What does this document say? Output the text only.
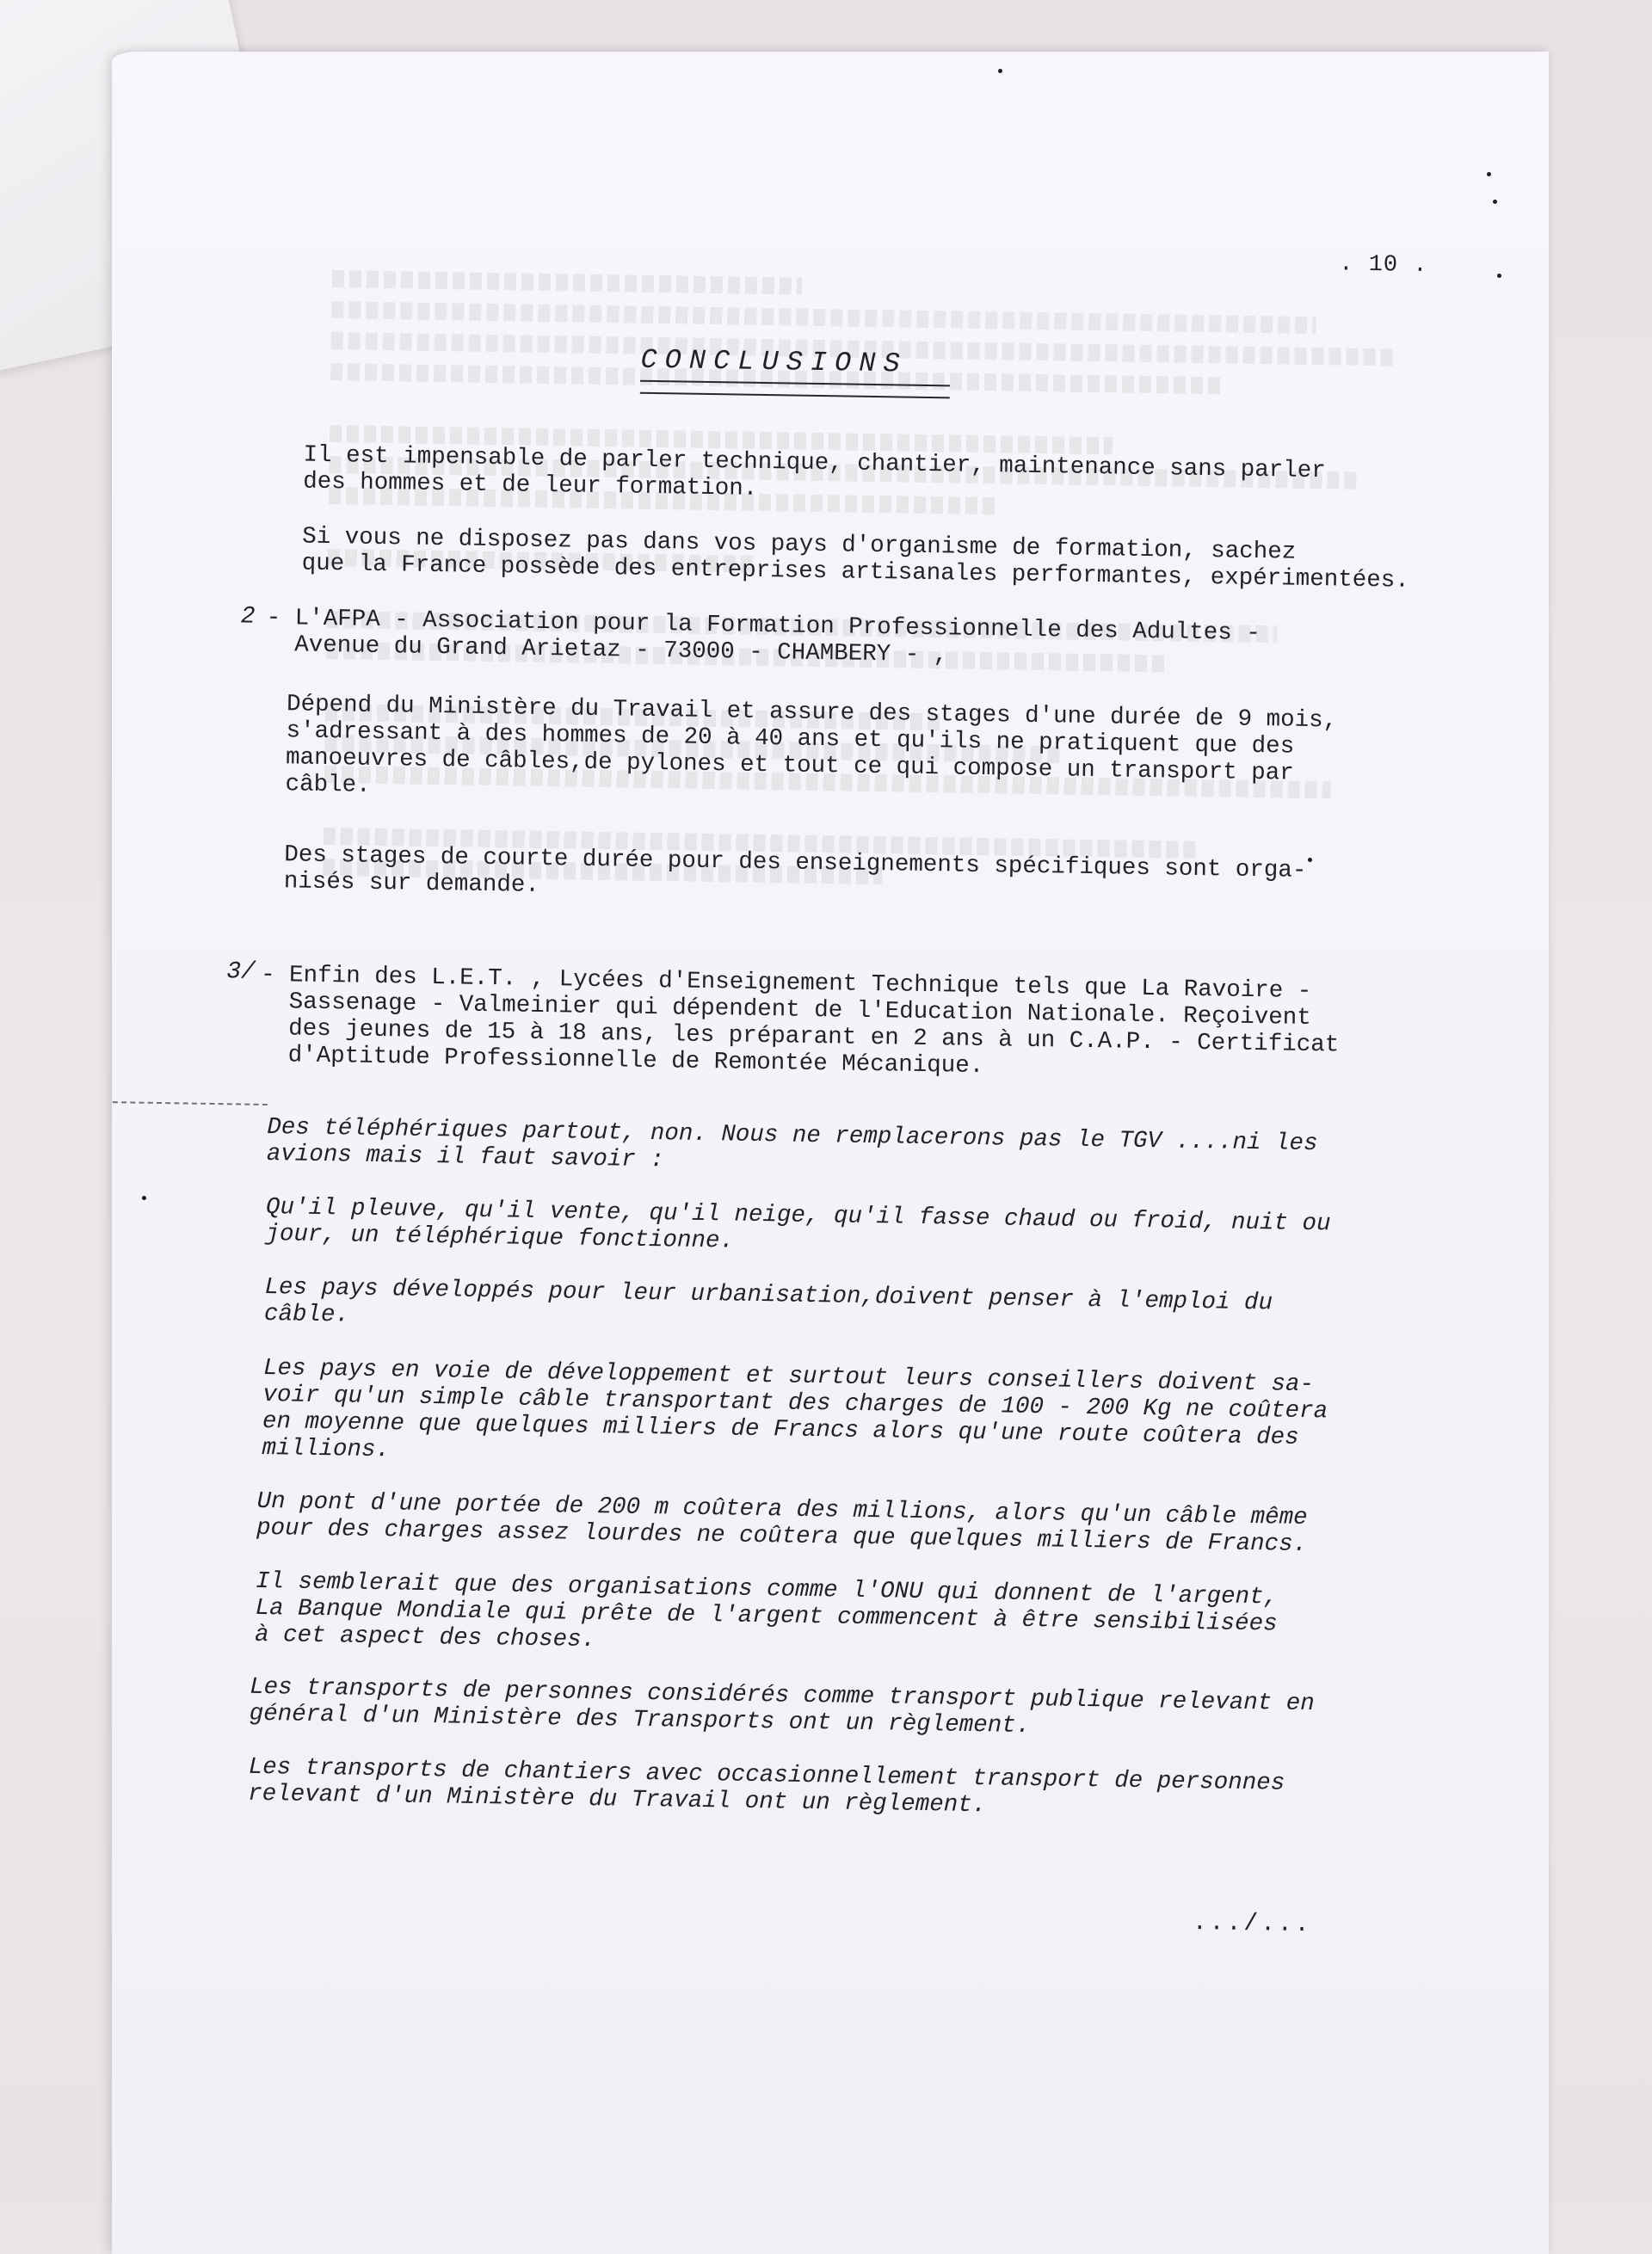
. 10 .
CONCLUSIONS
Il est impensable de parler technique, chantier, maintenance sans parler
des hommes et de leur formation.
Si vous ne disposez pas dans vos pays d'organisme de formation, sachez
que la France possède des entreprises artisanales performantes, expérimentées.
2 - L'AFPA - Association pour la Formation Professionnelle des Adultes -
Avenue du Grand Arietaz - 73000 - CHAMBERY - ,
Dépend du Ministère du Travail et assure des stages d'une durée de 9 mois,
s'adressant à des hommes de 20 à 40 ans et qu'ils ne pratiquent que des
manoeuvres de câbles,de pylones et tout ce qui compose un transport par
câble.
Des stages de courte durée pour des enseignements spécifiques sont orga-
nisés sur demande.
3/ - Enfin des L.E.T. , Lycées d'Enseignement Technique tels que La Ravoire -
Sassenage - Valmeinier qui dépendent de l'Education Nationale. Reçoivent
des jeunes de 15 à 18 ans, les préparant en 2 ans à un C.A.P. - Certificat
d'Aptitude Professionnelle de Remontée Mécanique.
Des téléphériques partout, non. Nous ne remplacerons pas le TGV ....ni les
avions mais il faut savoir :
Qu'il pleuve, qu'il vente, qu'il neige, qu'il fasse chaud ou froid, nuit ou
jour, un téléphérique fonctionne.
Les pays développés pour leur urbanisation,doivent penser à l'emploi du
câble.
Les pays en voie de développement et surtout leurs conseillers doivent sa-
voir qu'un simple câble transportant des charges de 100 - 200 Kg ne coûtera
en moyenne que quelques milliers de Francs alors qu'une route coûtera des
millions.
Un pont d'une portée de 200 m coûtera des millions, alors qu'un câble même
pour des charges assez lourdes ne coûtera que quelques milliers de Francs.
Il semblerait que des organisations comme l'ONU qui donnent de l'argent,
La Banque Mondiale qui prête de l'argent commencent à être sensibilisées
à cet aspect des choses.
Les transports de personnes considérés comme transport publique relevant en
général d'un Ministère des Transports ont un règlement.
Les transports de chantiers avec occasionnellement transport de personnes
relevant d'un Ministère du Travail ont un règlement.
.../...
